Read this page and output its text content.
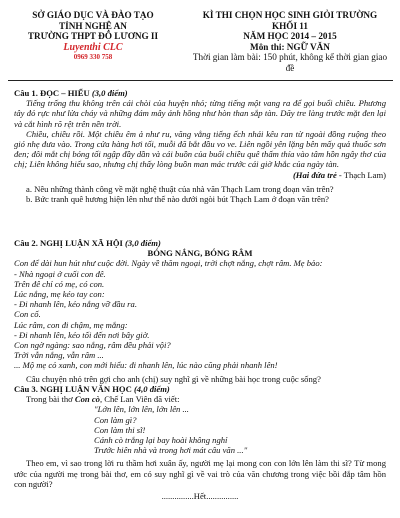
SỞ GIÁO DỤC VÀ ĐÀO TẠO
TỈNH NGHỆ AN
TRƯỜNG THPT ĐÔ LƯƠNG II
Luyenthi CLC
0969 330 758
KÌ THI CHỌN HỌC SINH GIỎI TRƯỜNG KHỐI 11
NĂM HỌC 2014 – 2015
Môn thi: NGỮ VĂN
Thời gian làm bài: 150 phút, không kể thời gian giao đề
Câu 1. ĐỌC – HIỂU (3,0 điểm)
Tiếng trống thu không trên cái chòi của huyện nhỏ; từng tiếng một vang ra để gọi buổi chiều. Phương tây đỏ rực như lửa cháy và những đám mây ánh hồng như hòn than sắp tàn. Dãy tre làng trước mặt đen lại và cắt hình rõ rệt trên nền trời.
Chiều, chiều rồi. Một chiều êm ả như ru, văng vẳng tiếng ếch nhái kêu ran từ ngoài đồng ruộng theo gió nhẹ đưa vào. Trong cửa hàng hơi tối, muỗi đã bắt đầu vo ve. Liên ngồi yên lặng bên mấy quả thuốc sơn đen; đôi mắt chị bóng tối ngập đầy dần và cái buồn của buổi chiều quê thấm thía vào tâm hồn ngây thơ của chị; Liên không hiểu sao, nhưng chị thấy lòng buồn man mác trước cái giờ khắc của ngày tàn.
(Hai đứa trẻ - Thạch Lam)
a. Nêu những thành công về mặt nghệ thuật của nhà văn Thạch Lam trong đoạn văn trên?
b. Bức tranh quê hương hiện lên như thế nào dưới ngòi bút Thạch Lam ở đoạn văn trên?
Câu 2. NGHỊ LUẬN XÃ HỘI (3,0 điểm)
BÓNG NẮNG, BÓNG RÂM
Con để dài hun hút như cuộc đời. Ngày về thăm ngoại, trời chợt nắng, chợt râm. Mẹ bảo:
- Nhà ngoại ở cuối con đê.
Trên đê chỉ có mẹ, có con.
Lúc nắng, mẹ kéo tay con:
- Đi nhanh lên, kéo nắng vỡ đầu ra.
Con cố.
Lúc râm, con đi chậm, mẹ mắng:
- Đi nhanh lên, kéo tối đến nơi bây giờ.
Con ngờ ngàng: sao nắng, râm đều phải vội?
Trời vẫn nắng, vẫn râm ...
... Mộ mẹ cỏ xanh, con mới hiểu: đi nhanh lên, lúc nào cũng phải nhanh lên!
Câu chuyện nhỏ trên gợi cho anh (chị) suy nghĩ gì về những bài học trong cuộc sống?
Câu 3. NGHỊ LUẬN VĂN HỌC (4,0 điểm)
Trong bài thơ Con cò, Chế Lan Viên đã viết:
"Lớn lên, lớn lên, lớn lên ...
Con làm gì?
Con làm thi sĩ!
Cánh cò trắng lại bay hoài không nghỉ
Trước hiên nhà và trong hơi mát câu văn ..."
Theo em, vì sao trong lời ru thầm hơi xuân ấy, người mẹ lại mong con con lớn lên làm thi sĩ? Từ mong ước của người mẹ trong bài thơ, em có suy nghĩ gì về vai trò của văn chương trong việc bồi đắp tâm hồn con người?
...............Hết...............
